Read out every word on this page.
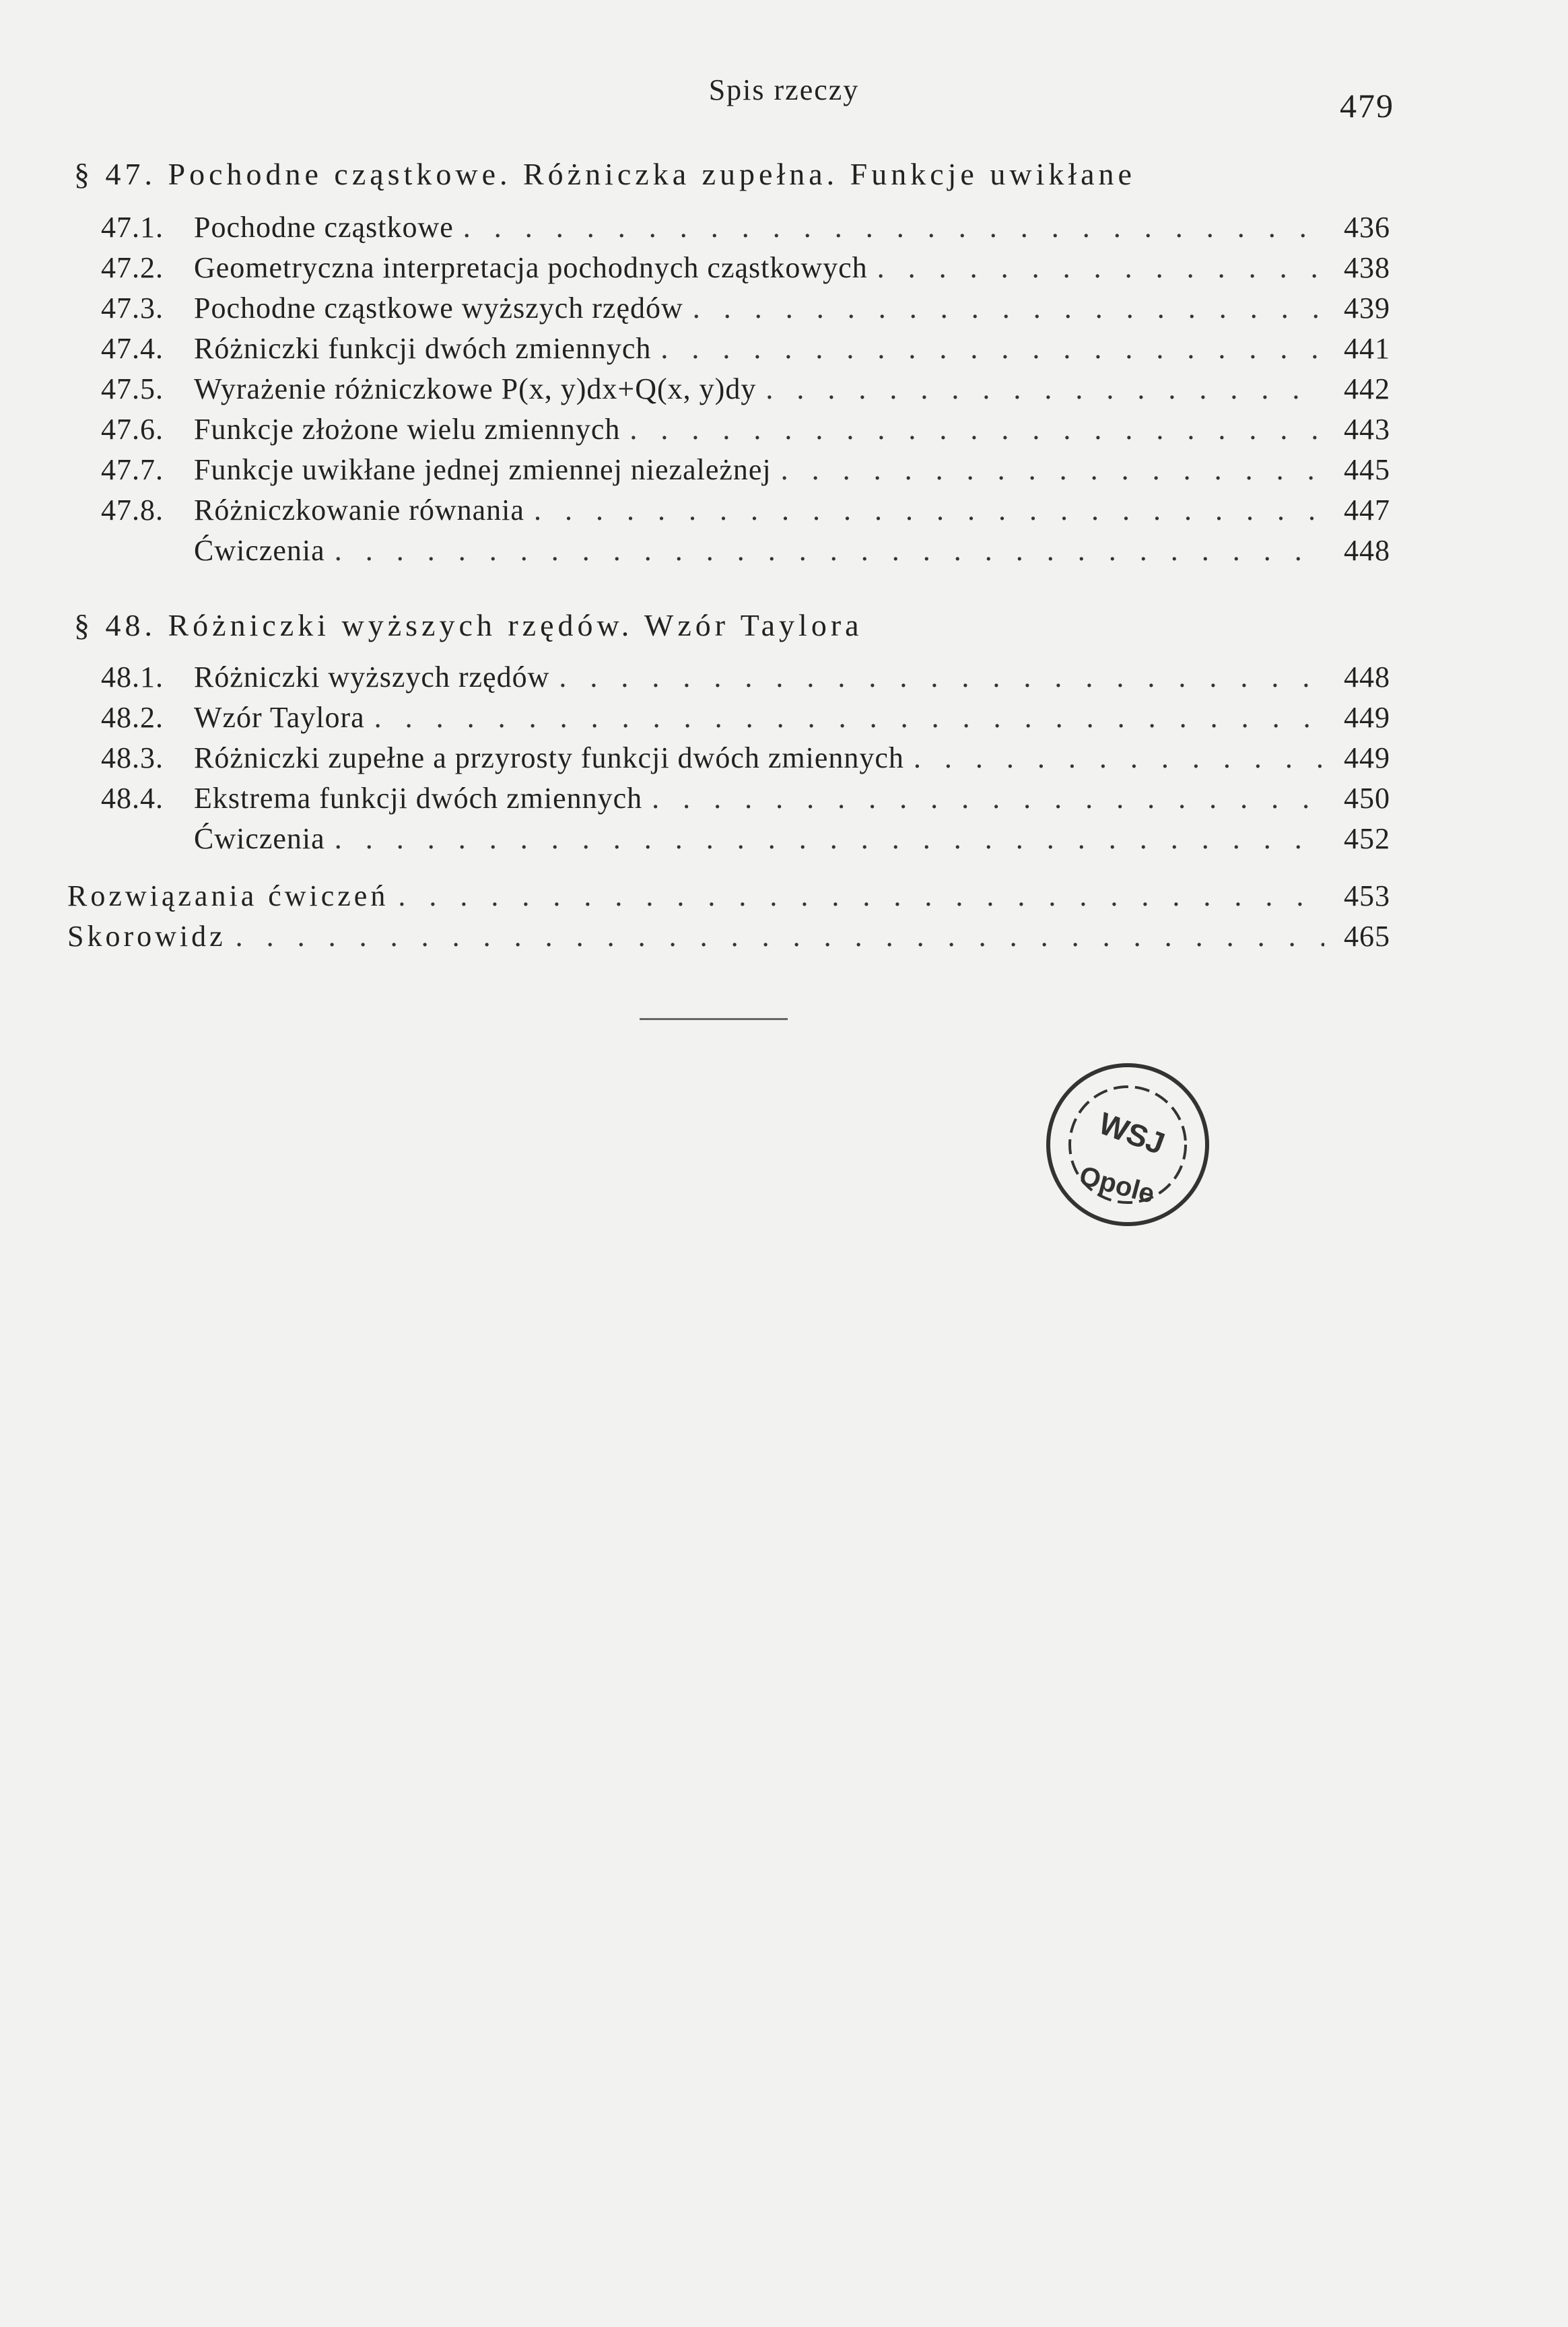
Spis rzeczy	479
§ 47. Pochodne cząstkowe. Różniczka zupełna. Funkcje uwikłane
47.1.	Pochodne cząstkowe . . .	436
47.2.	Geometryczna interpretacja pochodnych cząstkowych . . .	438
47.3.	Pochodne cząstkowe wyższych rzędów . . .	439
47.4.	Różniczki funkcji dwóch zmiennych . . .	441
47.5.	Wyrażenie różniczkowe P(x, y)dx+Q(x, y)dy . . .	442
47.6.	Funkcje złożone wielu zmiennych . . .	443
47.7.	Funkcje uwikłane jednej zmiennej niezależnej . . .	445
47.8.	Różniczkowanie równania . . .	447
Ćwiczenia . . .	448
§ 48. Różniczki wyższych rzędów. Wzór Taylora
48.1.	Różniczki wyższych rzędów . . .	448
48.2.	Wzór Taylora . . .	449
48.3.	Różniczki zupełne a przyrosty funkcji dwóch zmiennych . . .	449
48.4.	Ekstrema funkcji dwóch zmiennych . . .	450
Ćwiczenia . . .	452
Rozwiązania ćwiczeń . . .	453
Skorowidz . . .	465
WSJ
Opole
